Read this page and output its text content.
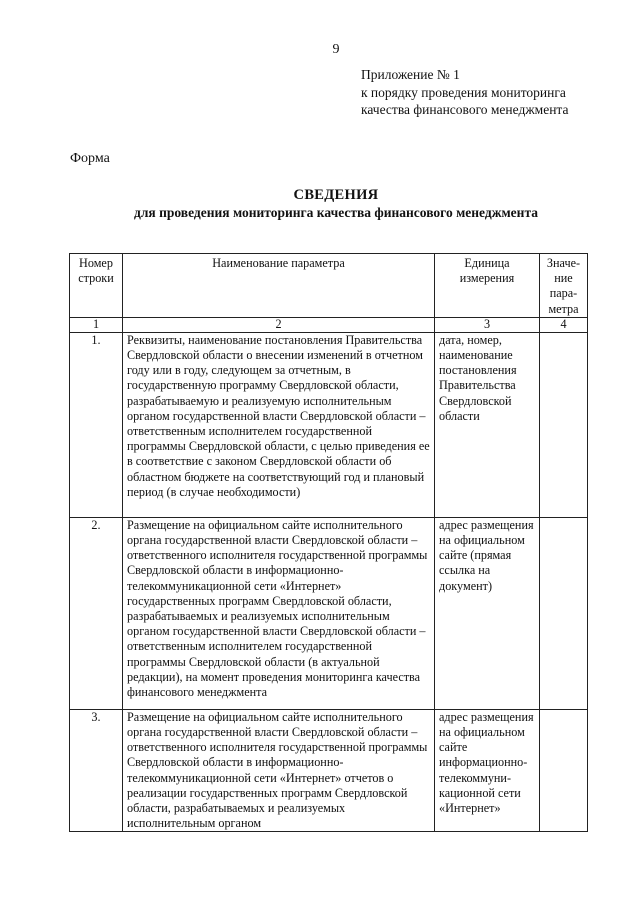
9
Приложение № 1
к порядку проведения мониторинга
качества финансового менеджмента
Форма
СВЕДЕНИЯ
для проведения мониторинга качества финансового менеджмента
Номер строки	Наименование параметра	Единица измерения	Значе-ние пара-метра
1	2	3	4
1.	Реквизиты, наименование постановления Правительства Свердловской области о внесении изменений в отчетном году или в году, следующем за отчетным, в государственную программу Свердловской области, разрабатываемую и реализуемую исполнительным органом государственной власти Свердловской области – ответственным исполнителем государственной программы Свердловской области, с целью приведения ее в соответствие с законом Свердловской области об областном бюджете на соответствующий год и плановый период (в случае необходимости)	дата, номер, наименование постановления Правительства Свердловской области	
2.	Размещение на официальном сайте исполнительного органа государственной власти Свердловской области – ответственного исполнителя государственной программы Свердловской области в информационно-телекоммуникационной сети «Интернет» государственных программ Свердловской области, разрабатываемых и реализуемых исполнительным органом государственной власти Свердловской области – ответственным исполнителем государственной программы Свердловской области (в актуальной редакции), на момент проведения мониторинга качества финансового менеджмента	адрес размещения на официальном сайте (прямая ссылка на документ)	
3.	Размещение на официальном сайте исполнительного органа государственной власти Свердловской области – ответственного исполнителя государственной программы Свердловской области в информационно-телекоммуникационной сети «Интернет» отчетов о реализации государственных программ Свердловской области, разрабатываемых и реализуемых исполнительным органом	адрес размещения на официальном сайте информационно-телекоммуни-кационной сети «Интернет»	
